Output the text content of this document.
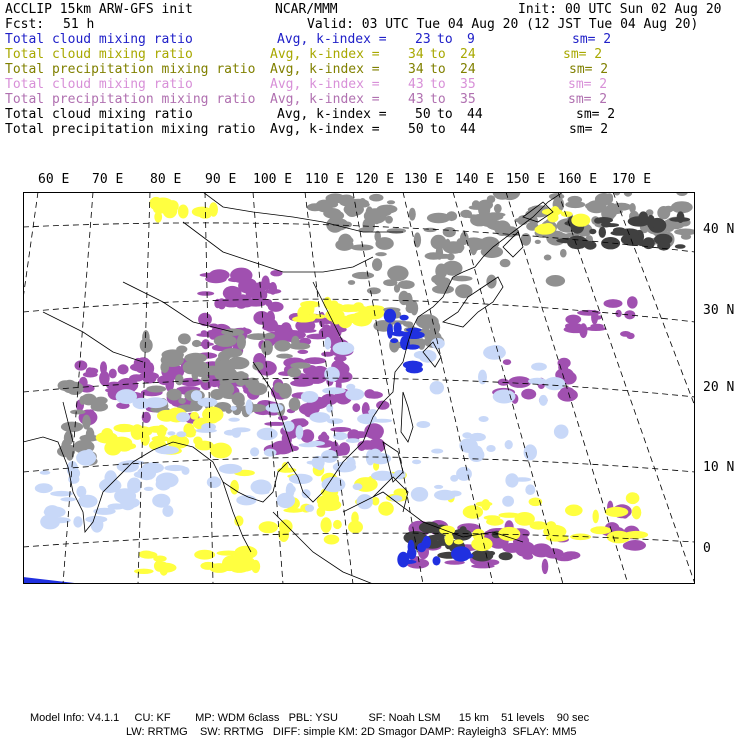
ACCLIP 15km ARW-GFS init	NCAR/MMM	Init: 00 UTC Sun 02 Aug 20
Fcst: 51 h	Valid: 03 UTC Tue 04 Aug 20 (12 JST Tue 04 Aug 20)
Total cloud mixing ratio	Avg, k-index = 23 to 9	sm= 2
Total cloud mixing ratio	Avg, k-index = 34 to 24	sm= 2
Total precipitation mixing ratio Avg, k-index = 34 to 24	sm= 2
Total cloud mixing ratio	Avg, k-index = 43 to 35	sm= 2
Total precipitation mixing ratio Avg, k-index = 43 to 35	sm= 2
Total cloud mixing ratio	Avg, k-index = 50 to 44	sm= 2
Total precipitation mixing ratio Avg, k-index = 50 to 44	sm= 2
60 E 70 E 80 E 90 E 100 E 110 E 120 E 130 E 140 E 150 E 160 E 170 E
40 N
30 N
20 N
10 N
0
Model Info: V4.1.1     CU: KF        MP: WDM 6class   PBL: YSU          SF: Noah LSM      15 km    51 levels    90 sec
LW: RRTMG    SW: RRTMG   DIFF: simple KM: 2D Smagor DAMP: Rayleigh3  SFLAY: MM5
